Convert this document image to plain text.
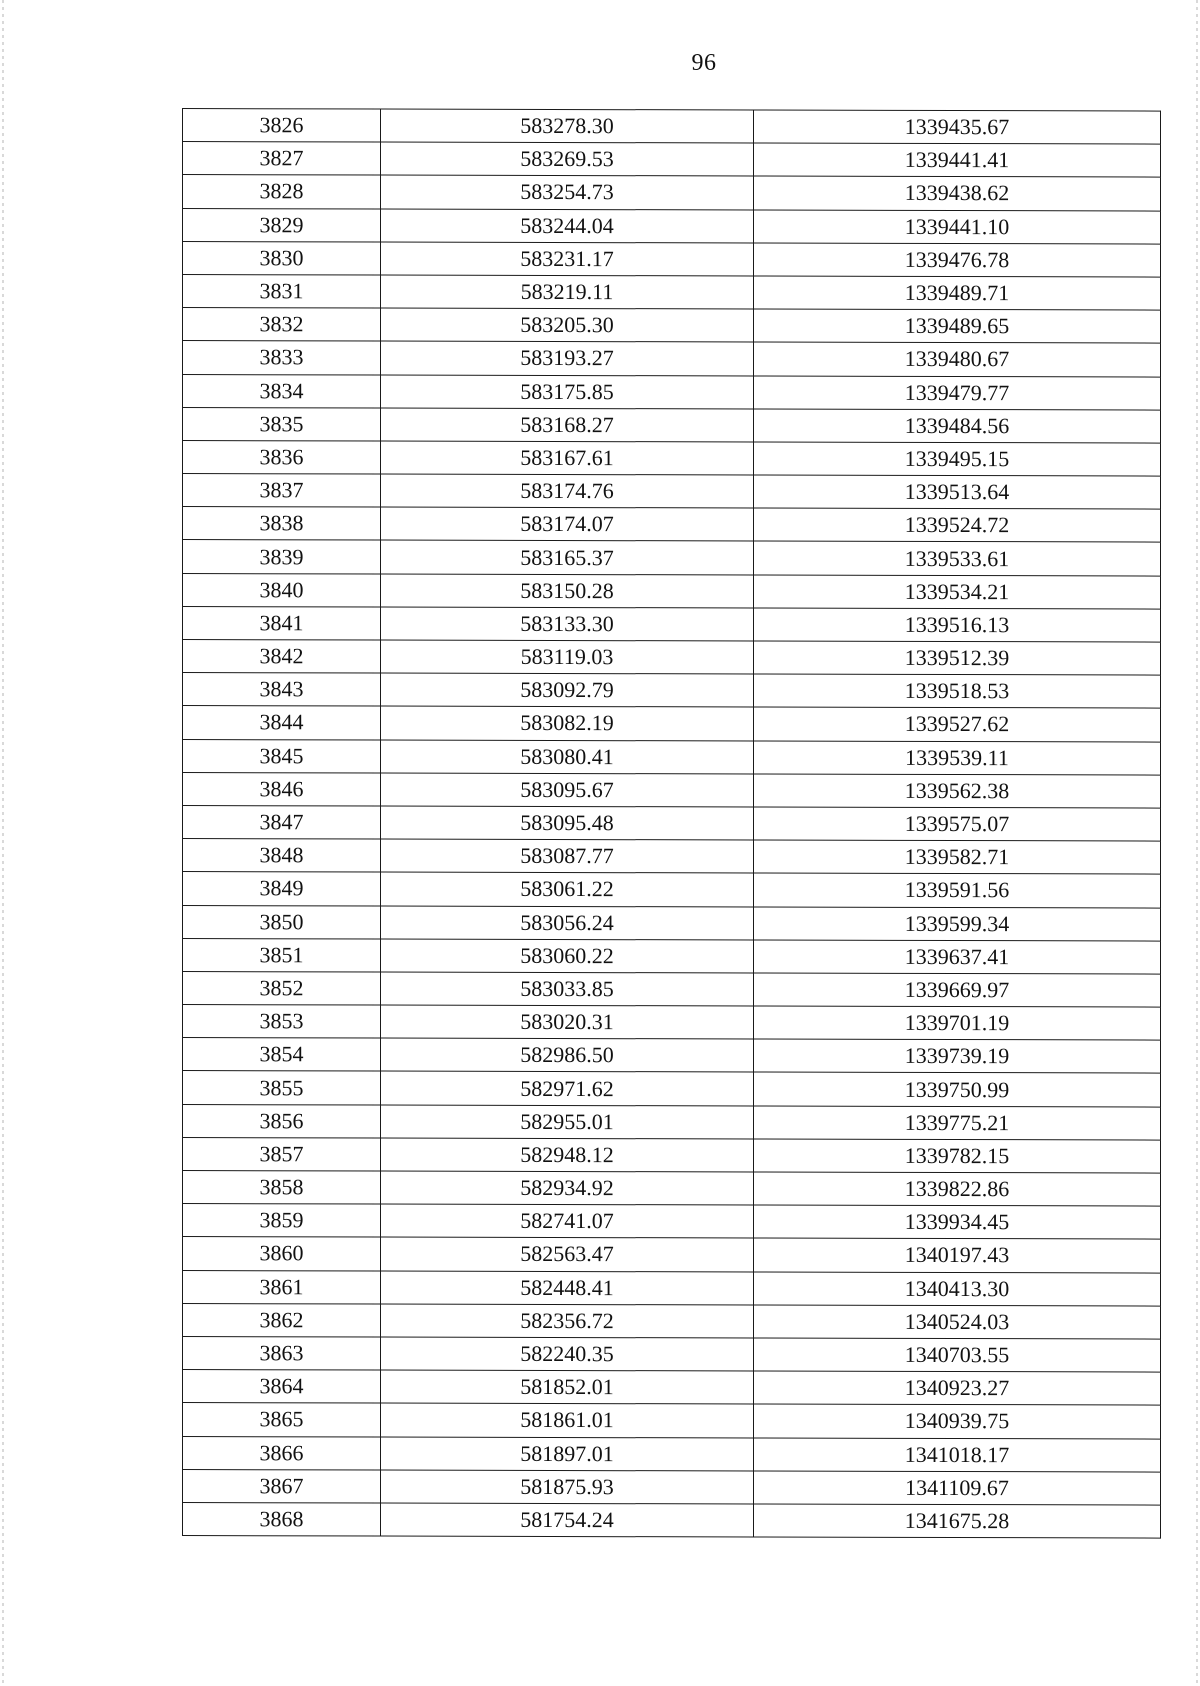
96
3826	583278.30	1339435.67
3827	583269.53	1339441.41
3828	583254.73	1339438.62
3829	583244.04	1339441.10
3830	583231.17	1339476.78
3831	583219.11	1339489.71
3832	583205.30	1339489.65
3833	583193.27	1339480.67
3834	583175.85	1339479.77
3835	583168.27	1339484.56
3836	583167.61	1339495.15
3837	583174.76	1339513.64
3838	583174.07	1339524.72
3839	583165.37	1339533.61
3840	583150.28	1339534.21
3841	583133.30	1339516.13
3842	583119.03	1339512.39
3843	583092.79	1339518.53
3844	583082.19	1339527.62
3845	583080.41	1339539.11
3846	583095.67	1339562.38
3847	583095.48	1339575.07
3848	583087.77	1339582.71
3849	583061.22	1339591.56
3850	583056.24	1339599.34
3851	583060.22	1339637.41
3852	583033.85	1339669.97
3853	583020.31	1339701.19
3854	582986.50	1339739.19
3855	582971.62	1339750.99
3856	582955.01	1339775.21
3857	582948.12	1339782.15
3858	582934.92	1339822.86
3859	582741.07	1339934.45
3860	582563.47	1340197.43
3861	582448.41	1340413.30
3862	582356.72	1340524.03
3863	582240.35	1340703.55
3864	581852.01	1340923.27
3865	581861.01	1340939.75
3866	581897.01	1341018.17
3867	581875.93	1341109.67
3868	581754.24	1341675.28
